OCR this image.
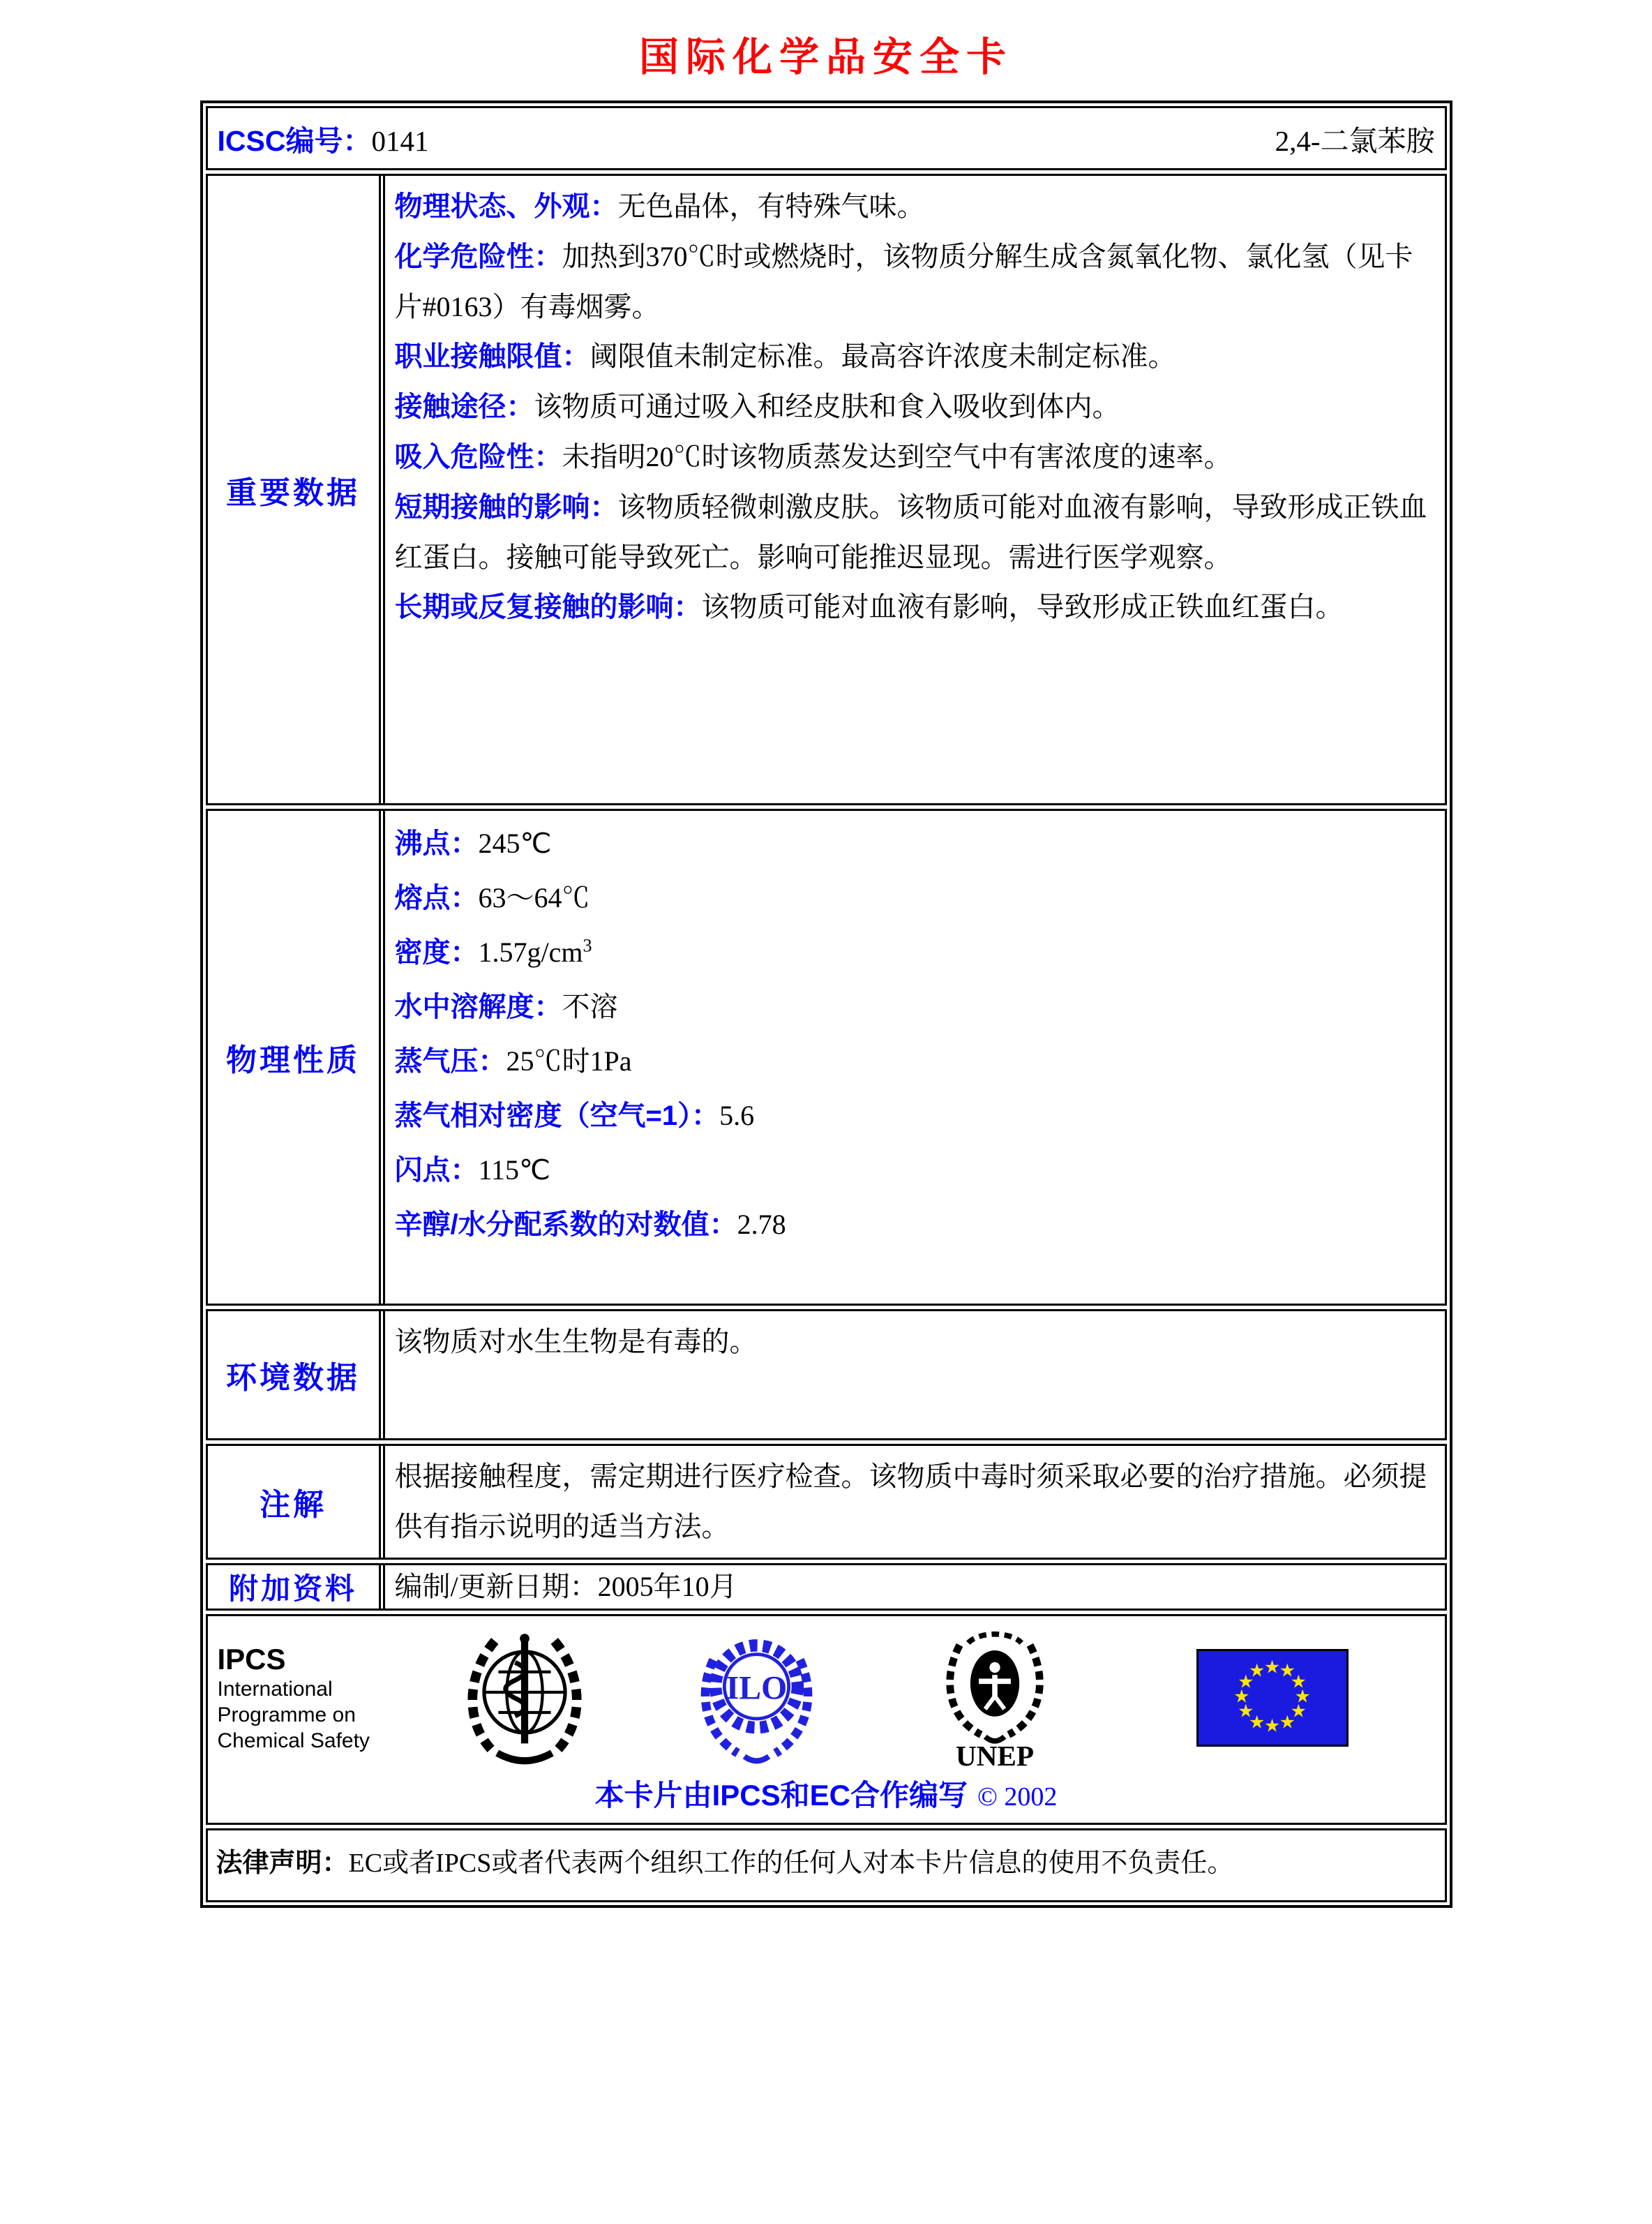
国际化学品安全卡
ICSC编号：0141	2,4-二氯苯胺
重要数据
物理状态、外观：无色晶体，有特殊气味。
化学危险性：加热到370℃时或燃烧时，该物质分解生成含氮氧化物、氯化氢（见卡片#0163）有毒烟雾。
职业接触限值：阈限值未制定标准。最高容许浓度未制定标准。
接触途径：该物质可通过吸入和经皮肤和食入吸收到体内。
吸入危险性：未指明20℃时该物质蒸发达到空气中有害浓度的速率。
短期接触的影响：该物质轻微刺激皮肤。该物质可能对血液有影响，导致形成正铁血红蛋白。接触可能导致死亡。影响可能推迟显现。需进行医学观察。
长期或反复接触的影响：该物质可能对血液有影响，导致形成正铁血红蛋白。
物理性质
沸点：245℃
熔点：63～64℃
密度：$1.57g/cm^3$
水中溶解度：不溶
蒸气压：25℃时1Pa
蒸气相对密度（空气=1）：5.6
闪点：115℃
辛醇/水分配系数的对数值：2.78
环境数据
该物质对水生生物是有毒的。
注解
根据接触程度，需定期进行医疗检查。该物质中毒时须采取必要的治疗措施。必须提供有指示说明的适当方法。
附加资料	编制/更新日期：2005年10月
IPCS
International
Programme on
Chemical Safety
ILO
UNEP
★
★
★
★
★
★
★
★
★
★
★
★
本卡片由IPCS和EC合作编写 © 2002
法律声明：EC或者IPCS或者代表两个组织工作的任何人对本卡片信息的使用不负责任。
